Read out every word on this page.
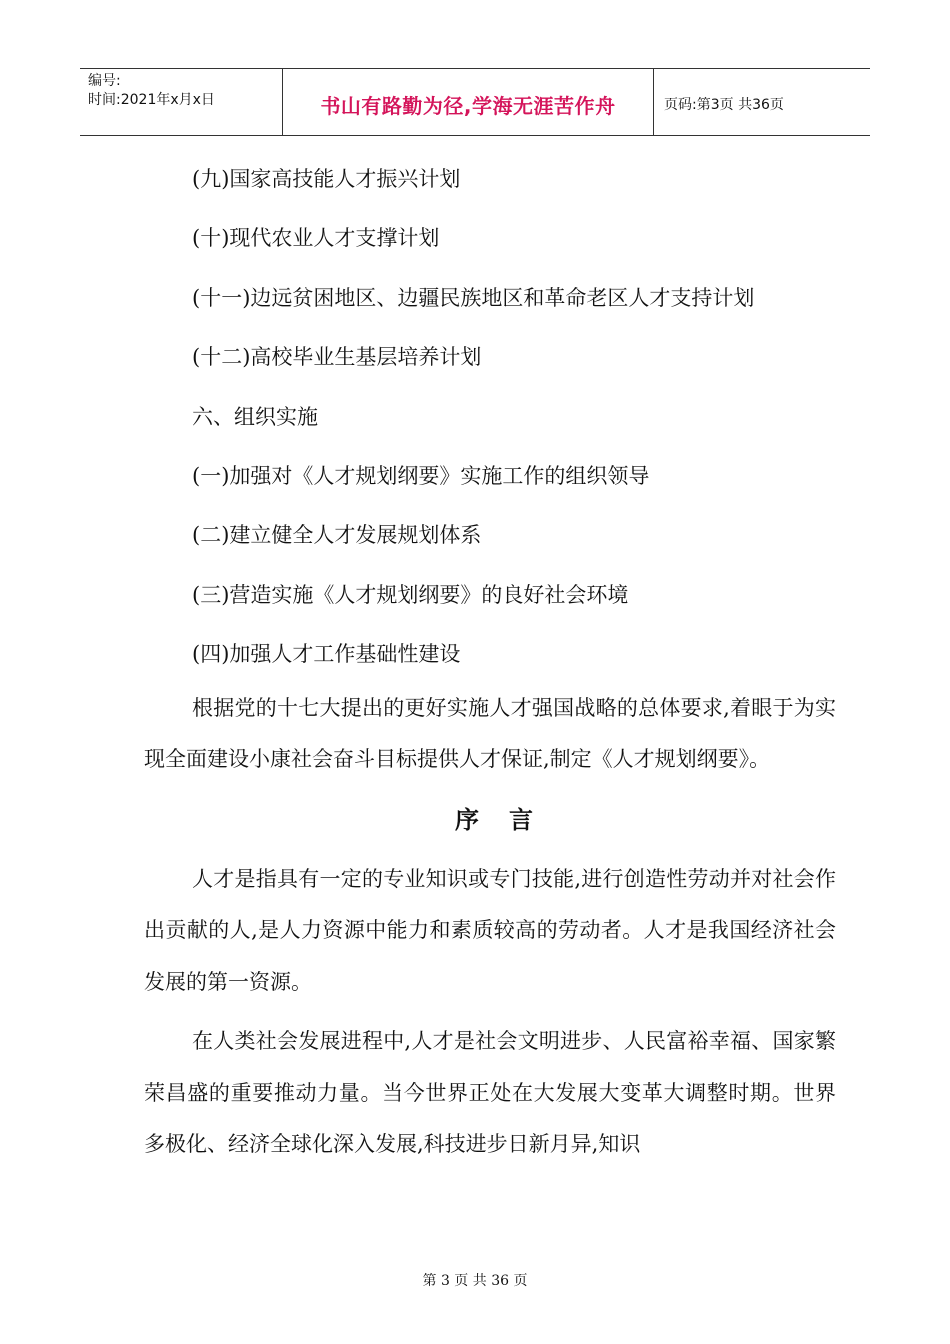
编号:
时间:2021年x月x日	书山有路勤为径,学海无涯苦作舟	页码:第3页 共36页
(九)国家高技能人才振兴计划
(十)现代农业人才支撑计划
(十一)边远贫困地区、边疆民族地区和革命老区人才支持计划
(十二)高校毕业生基层培养计划
六、组织实施
(一)加强对《人才规划纲要》实施工作的组织领导
(二)建立健全人才发展规划体系
(三)营造实施《人才规划纲要》的良好社会环境
(四)加强人才工作基础性建设

根据党的十七大提出的更好实施人才强国战略的总体要求,着眼于为实现全面建设小康社会奋斗目标提供人才保证,制定《人才规划纲要》。

序言

人才是指具有一定的专业知识或专门技能,进行创造性劳动并对社会作出贡献的人,是人力资源中能力和素质较高的劳动者。人才是我国经济社会发展的第一资源。

在人类社会发展进程中,人才是社会文明进步、人民富裕幸福、国家繁荣昌盛的重要推动力量。当今世界正处在大发展大变革大调整时期。世界多极化、经济全球化深入发展,科技进步日新月异,知识

第 3 页 共 36 页
